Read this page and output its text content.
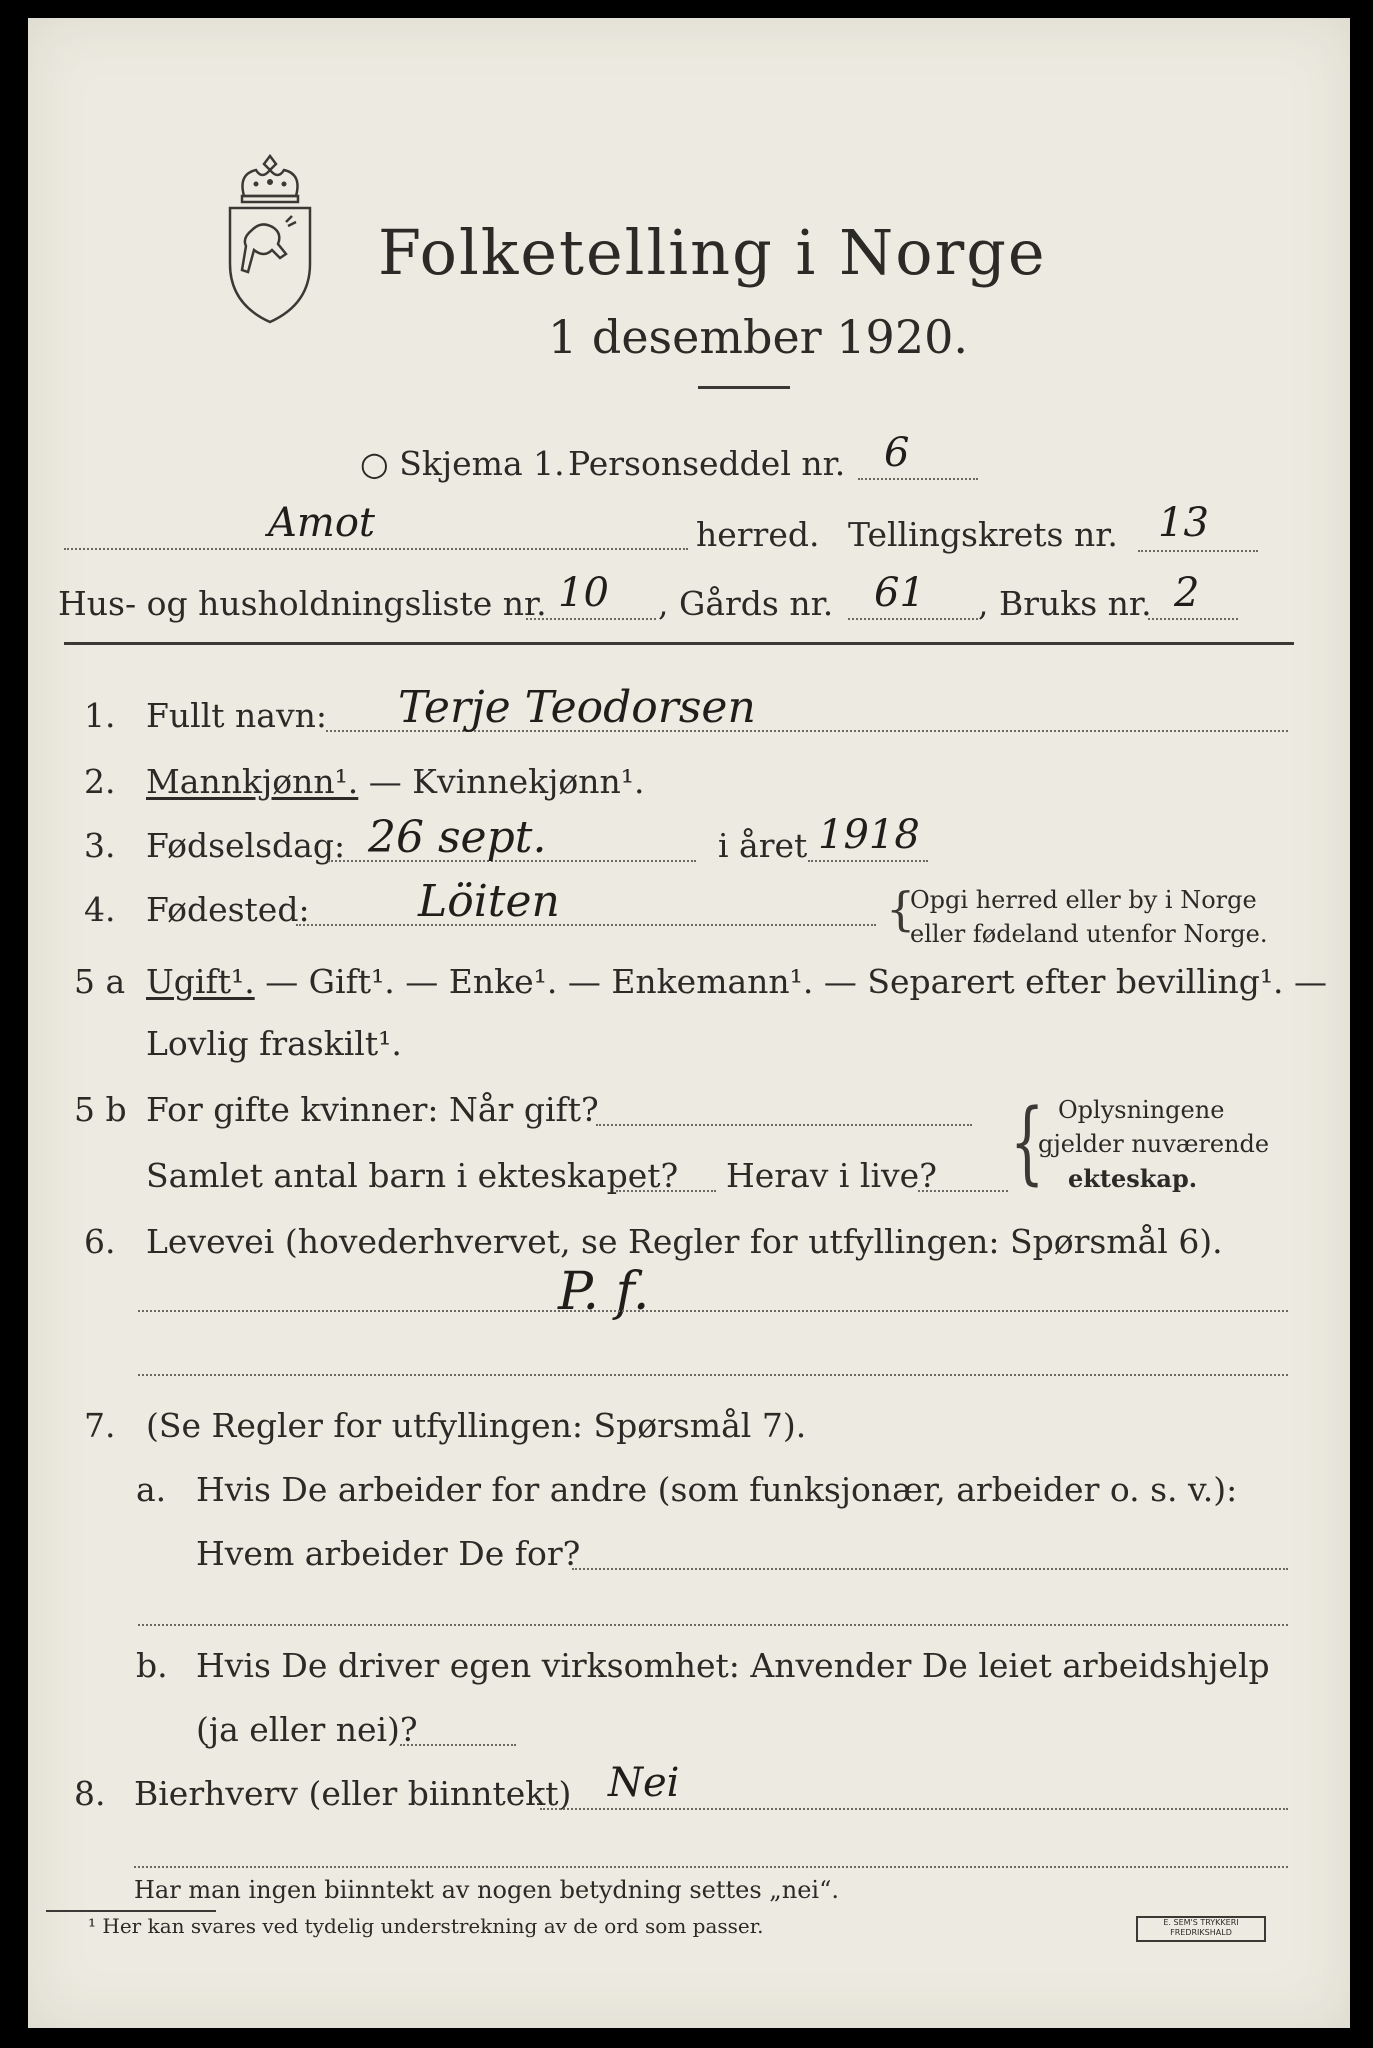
Folketelling i Norge
1 desember 1920.
○ Skjema 1. Personseddel nr. 6
Amot	herred. Tellingskrets nr. 13
Hus- og husholdningsliste nr. 10 , Gårds nr. 61 , Bruks nr. 2
1. Fullt navn: Terje Teodorsen
2. Mannkjønn¹. — Kvinnekjønn¹.
3. Fødselsdag: 26 sept.	i året 1918
4. Fødested: Löiten	{
Opgi herred eller by i Norge
eller fødeland utenfor Norge.
5 a Ugift¹. — Gift¹. — Enke¹. — Enkemann¹. — Separert efter bevilling¹. —
Lovlig fraskilt¹.
5 b For gifte kvinner: Når gift?
Samlet antal barn i ekteskapet? Herav i live? { Oplysningene
gjelder nuværende
ekteskap.
6. Levevei (hovederhvervet, se Regler for utfyllingen: Spørsmål 6).
P. f.
7. (Se Regler for utfyllingen: Spørsmål 7).
a. Hvis De arbeider for andre (som funksjonær, arbeider o. s. v.):
Hvem arbeider De for?
b. Hvis De driver egen virksomhet: Anvender De leiet arbeidshjelp
(ja eller nei)?
8. Bierhverv (eller biinntekt) Nei
Har man ingen biinntekt av nogen betydning settes „nei“.
¹ Her kan svares ved tydelig understrekning av de ord som passer.	E. SEM'S TRYKKERI
FREDRIKSHALD
